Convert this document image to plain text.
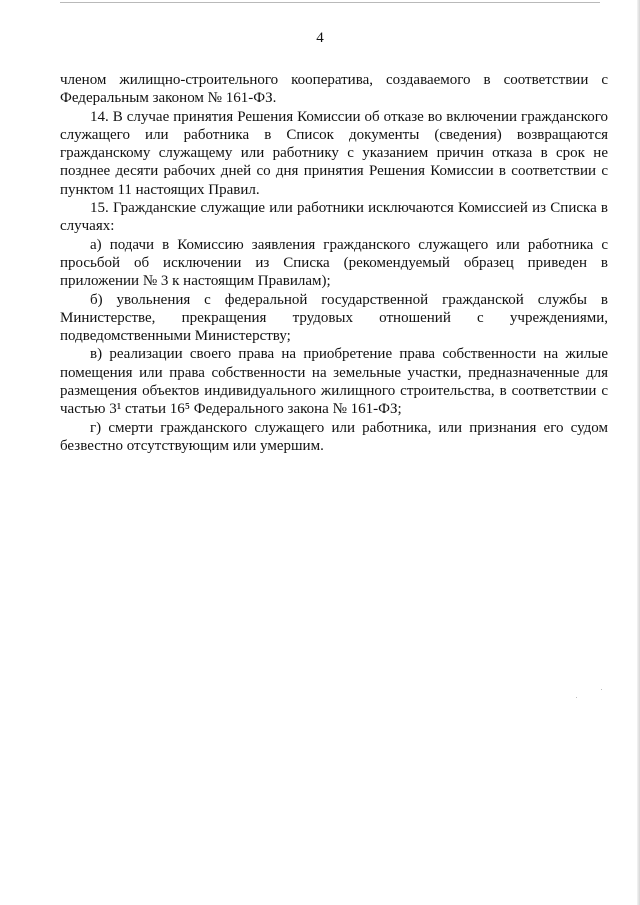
4

членом жилищно-строительного кооператива, создаваемого в соответствии с Федеральным законом № 161-ФЗ.

14. В случае принятия Решения Комиссии об отказе во включении гражданского служащего или работника в Список документы (сведения) возвращаются гражданскому служащему или работнику с указанием причин отказа в срок не позднее десяти рабочих дней со дня принятия Решения Комиссии в соответствии с пунктом 11 настоящих Правил.

15. Гражданские служащие или работники исключаются Комиссией из Списка в случаях:

а) подачи в Комиссию заявления гражданского служащего или работника с просьбой об исключении из Списка (рекомендуемый образец приведен в приложении № 3 к настоящим Правилам);

б) увольнения с федеральной государственной гражданской службы в Министерстве, прекращения трудовых отношений с учреждениями, подведомственными Министерству;

в) реализации своего права на приобретение права собственности на жилые помещения или права собственности на земельные участки, предназначенные для размещения объектов индивидуального жилищного строительства, в соответствии с частью 3¹ статьи 16⁵ Федерального закона № 161-ФЗ;

г) смерти гражданского служащего или работника, или признания его судом безвестно отсутствующим или умершим.
